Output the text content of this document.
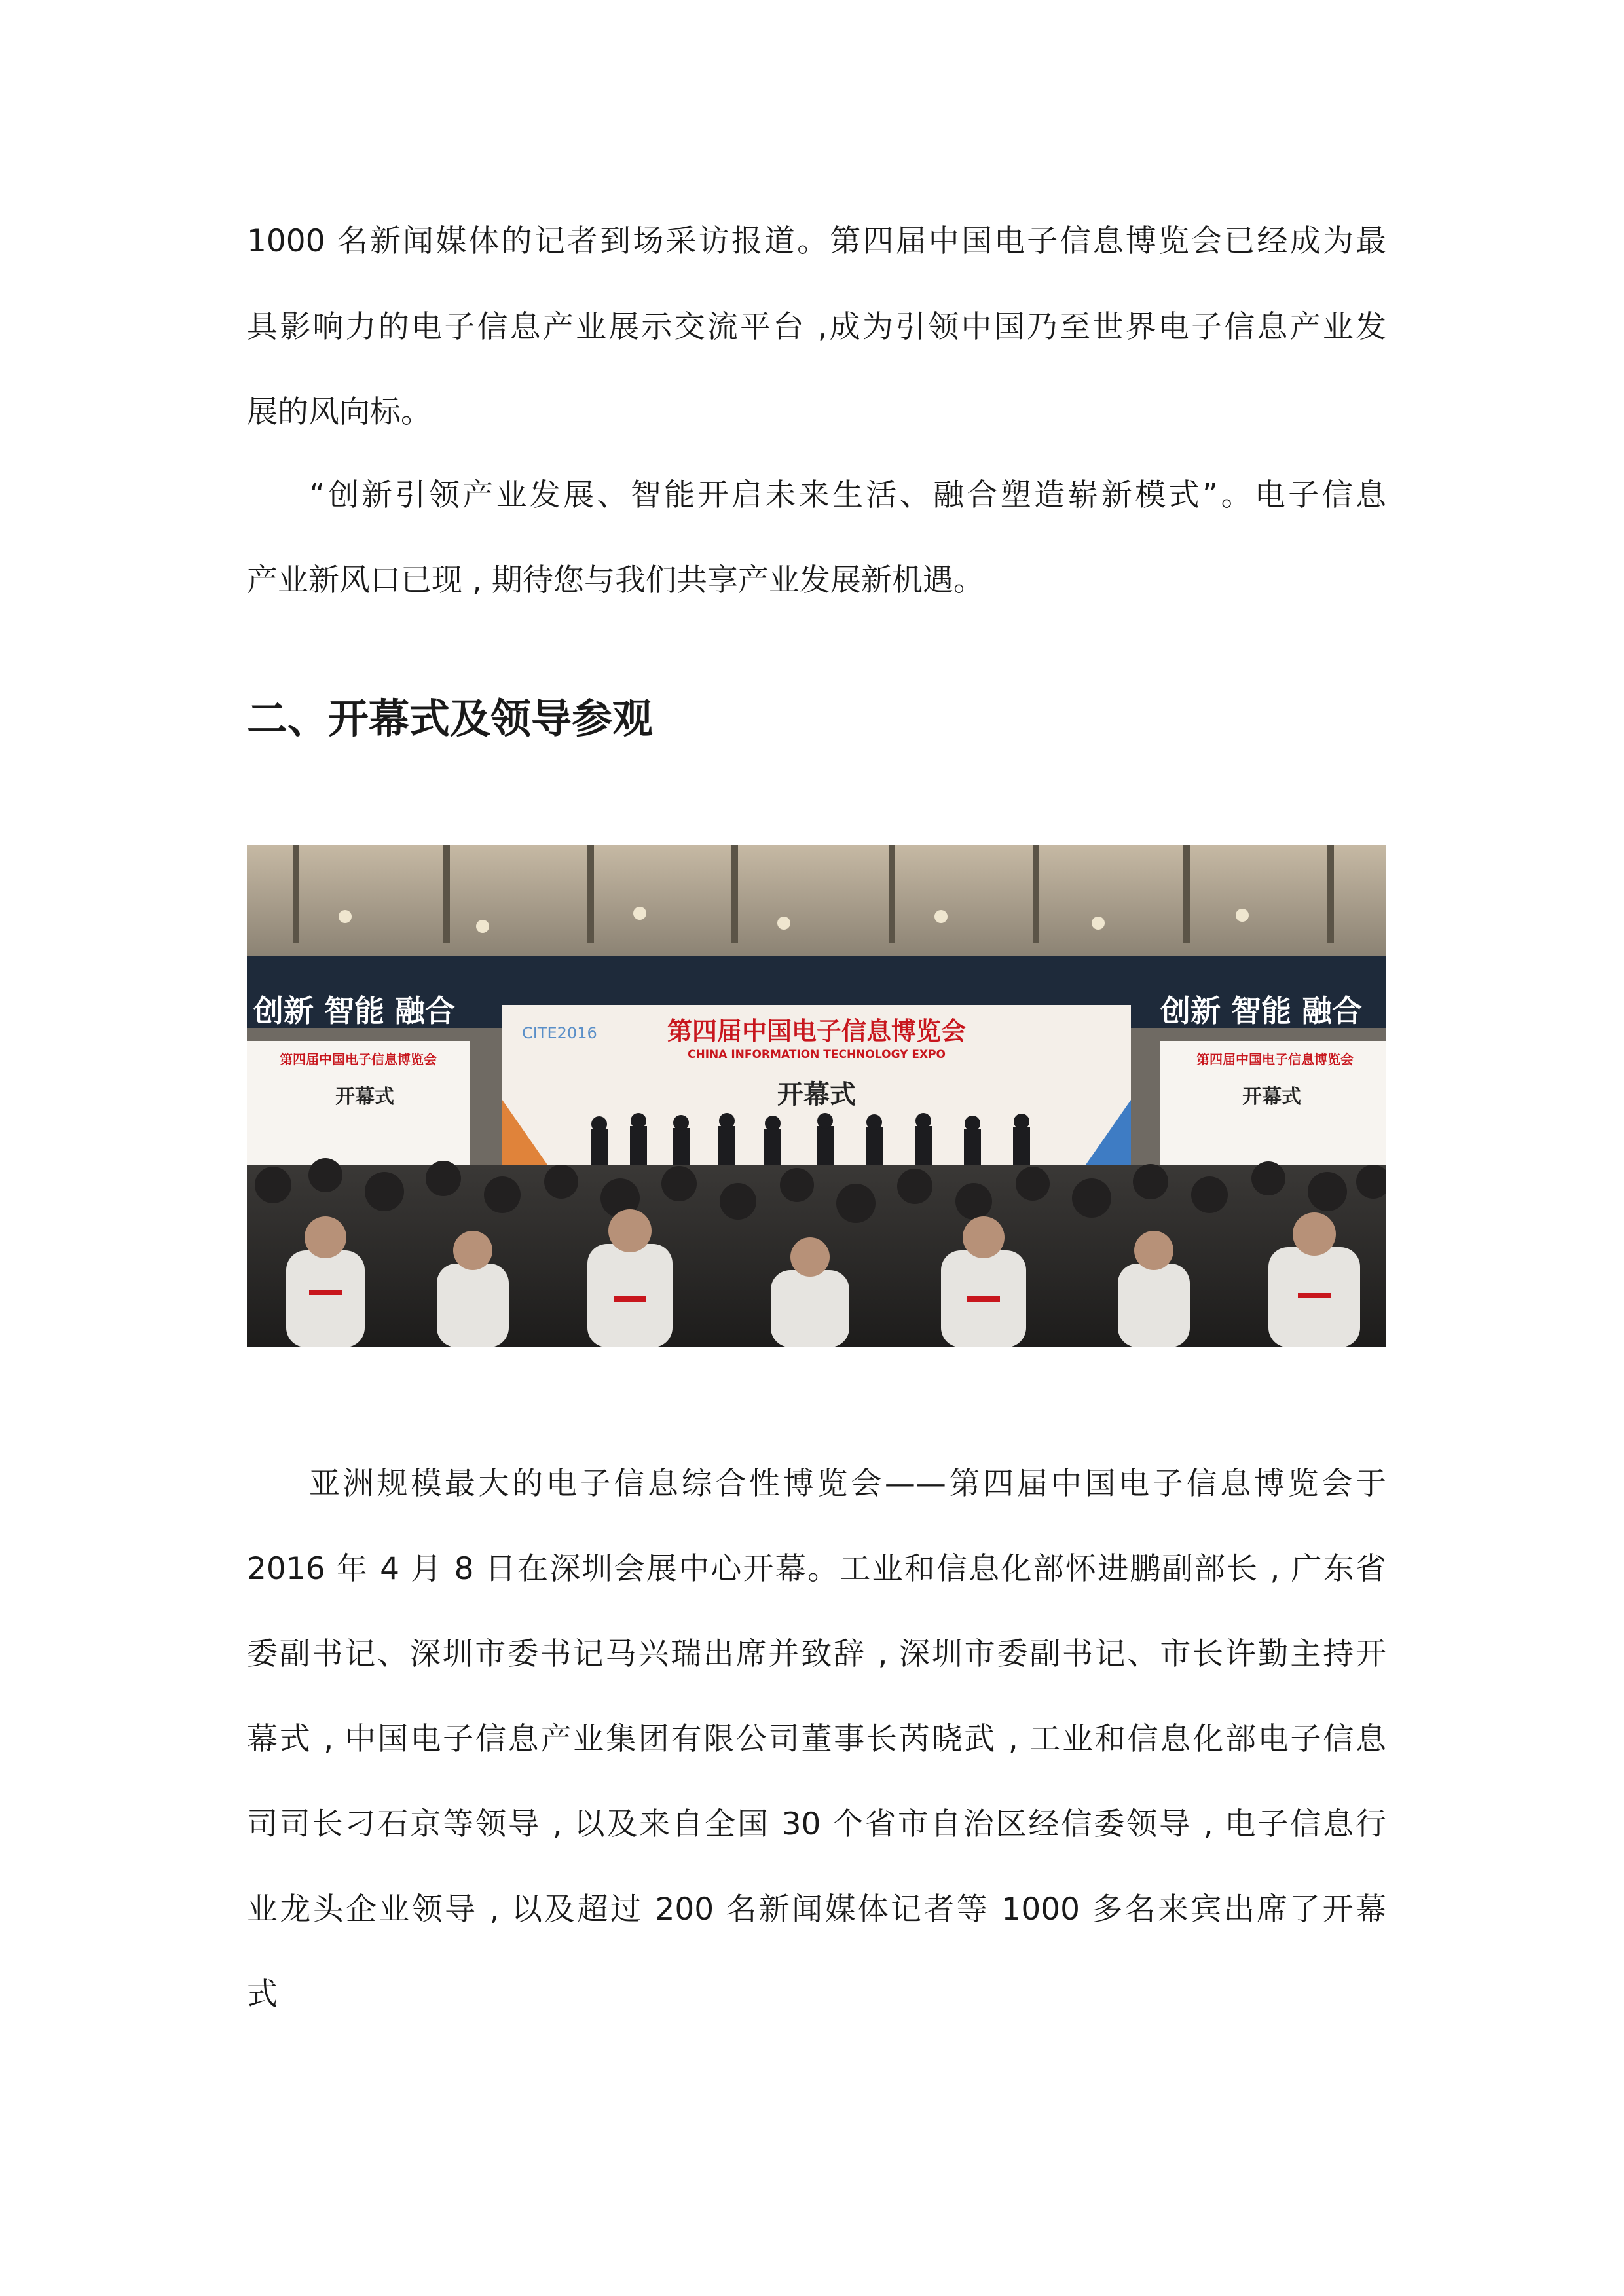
1000 名新闻媒体的记者到场采访报道。第四届中国电子信息博览会已经成为最

具影响力的电子信息产业展示交流平台 ,成为引领中国乃至世界电子信息产业发

展的风向标。

“创新引领产业发展、智能开启未来生活、融合塑造崭新模式”。电子信息

产业新风口已现 , 期待您与我们共享产业发展新机遇。

二、开幕式及领导参观
创新 智能 融合	创新 智能 融合
CITE2016	第四届中国电子信息博览会
CHINA INFORMATION TECHNOLOGY EXPO
开幕式
第四届中国电子信息博览会
开幕式
第四届中国电子信息博览会
开幕式

亚洲规模最大的电子信息综合性博览会——第四届中国电子信息博览会于

2016 年 4 月 8 日在深圳会展中心开幕。工业和信息化部怀进鹏副部长 , 广东省

委副书记、深圳市委书记马兴瑞出席并致辞 , 深圳市委副书记、市长许勤主持开

幕式 , 中国电子信息产业集团有限公司董事长芮晓武 , 工业和信息化部电子信息

司司长刁石京等领导 , 以及来自全国 30 个省市自治区经信委领导 , 电子信息行

业龙头企业领导 , 以及超过 200 名新闻媒体记者等 1000 多名来宾出席了开幕

式
